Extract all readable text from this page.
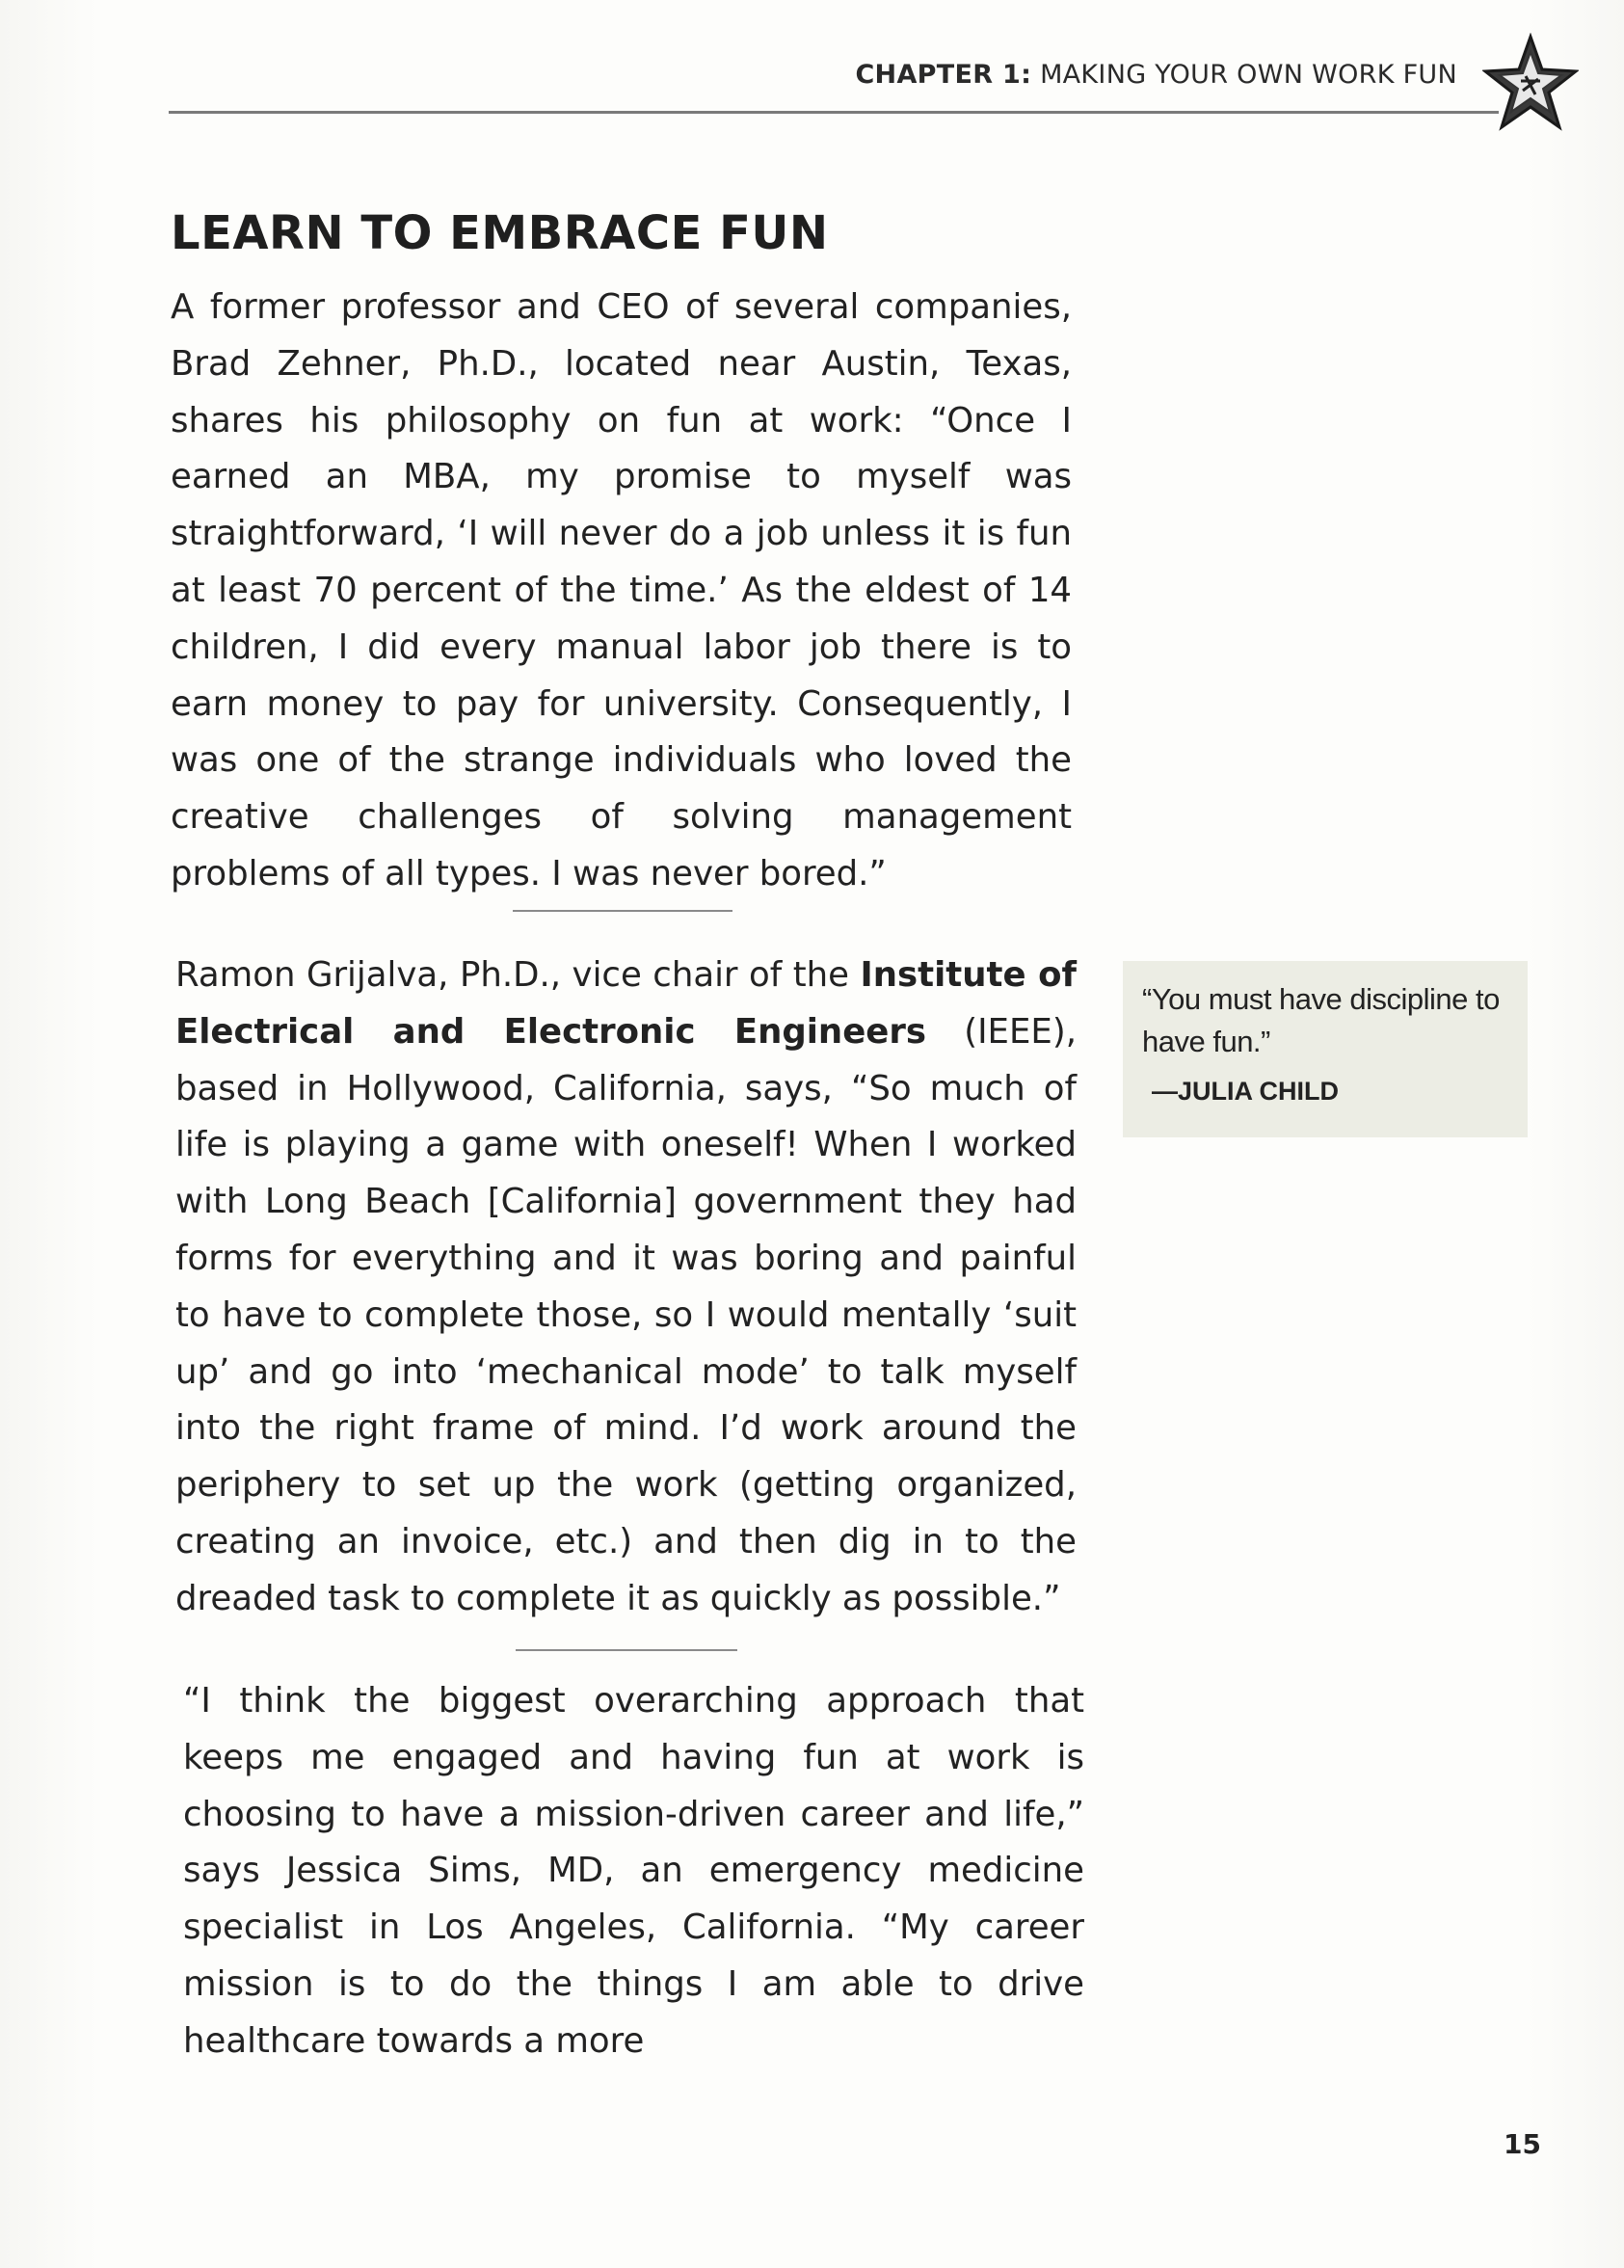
CHAPTER 1: MAKING YOUR OWN WORK FUN
LEARN TO EMBRACE FUN

A former professor and CEO of several companies, Brad Zehner, Ph.D., located near Austin, Texas, shares his philosophy on fun at work: “Once I earned an MBA, my promise to myself was straightforward, ‘I will never do a job unless it is fun at least 70 percent of the time.’ As the eldest of 14 children, I did every manual labor job there is to earn money to pay for university. Consequently, I was one of the strange individuals who loved the creative challenges of solving management problems of all types. I was never bored.”

Ramon Grijalva, Ph.D., vice chair of the Institute of Electrical and Electronic Engineers (IEEE), based in Hollywood, California, says, “So much of life is playing a game with oneself! When I worked with Long Beach [California] government they had forms for everything and it was boring and painful to have to complete those, so I would mentally ‘suit up’ and go into ‘mechanical mode’ to talk myself into the right frame of mind. I’d work around the periphery to set up the work (getting organized, creating an invoice, etc.) and then dig in to the dreaded task to complete it as quickly as possible.”

“I think the biggest overarching approach that keeps me engaged and having fun at work is choosing to have a mission-driven career and life,” says Jessica Sims, MD, an emergency medicine specialist in Los Angeles, California. “My career mission is to do the things I am able to drive healthcare towards a more

“You must have discipline to have fun.”

—JULIA CHILD
15
